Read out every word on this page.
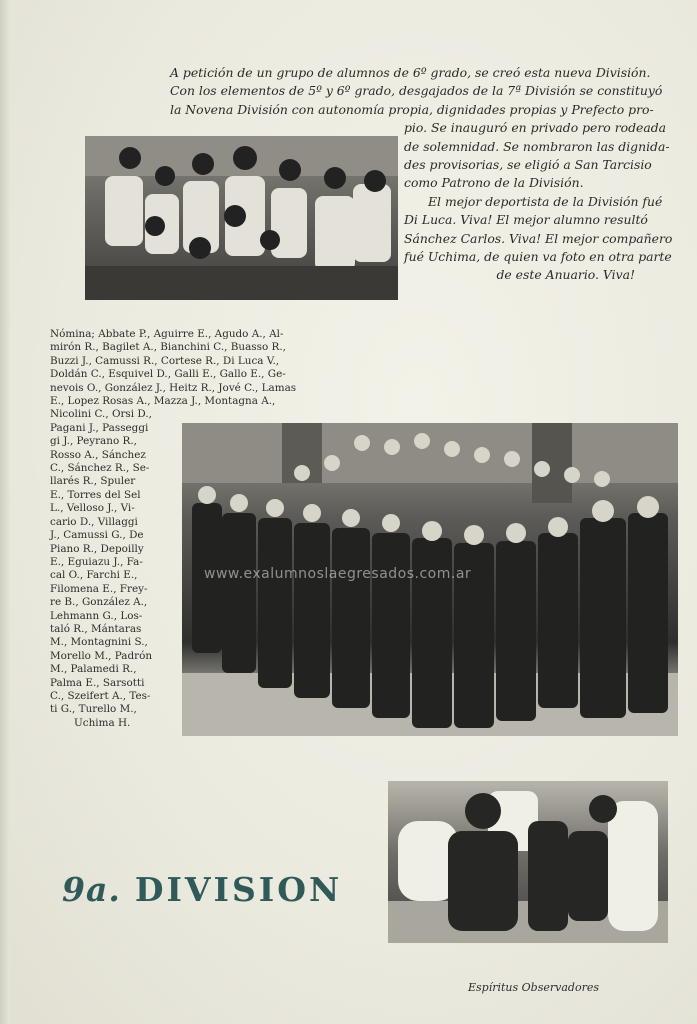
A petición de un grupo de alumnos de 6º grado, se creó esta nueva División.

Con los elementos de 5º y 6º grado, desgajados de la 7ª División se constituyó

la Novena División con autonomía propia, dignidades propias y Prefecto pro-

pio. Se inauguró en privado pero rodeada

de solemnidad. Se nombraron las dignida-

des provisorias, se eligió a San Tarcisio

como Patrono de la División.

El mejor deportista de la División fué

Di Luca. Viva! El mejor alumno resultó

Sánchez Carlos. Viva! El mejor compañero

fué Uchima, de quien va foto en otra parte

de este Anuario. Viva!

Nómina; Abbate P., Aguirre E., Agudo A., Al-
mirón R., Bagilet A., Bianchini C., Buasso R.,
Buzzi J., Camussi R., Cortese R., Di Luca V.,
Doldán C., Esquivel D., Galli E., Gallo E., Ge-
nevois O., González J., Heitz R., Jové C., Lamas
E., Lopez Rosas A., Mazza J., Montagna A.,
Nicolini C., Orsi D.,
Pagani J., Passeggi
gi J., Peyrano R.,
Rosso A., Sánchez
C., Sánchez R., Se-
llarés R., Spuler
E., Torres del Sel
L., Velloso J., Vi-
cario D., Villaggi
J., Camussi G., De
Piano R., Depoilly
E., Eguiazu J., Fa-
cal O., Farchi E.,
Filomena E., Frey-
re B., González A.,
Lehmann G., Los-
taló R., Mántaras
M., Montagnini S.,
Morello M., Padrón
M., Palamedi R.,
Palma E., Sarsotti
C., Szeifert A., Tes-
ti G., Turello M.,
Uchima H.
www.exalumnoslaegresados.com.ar
9a. DIVISION
Espíritus Observadores
